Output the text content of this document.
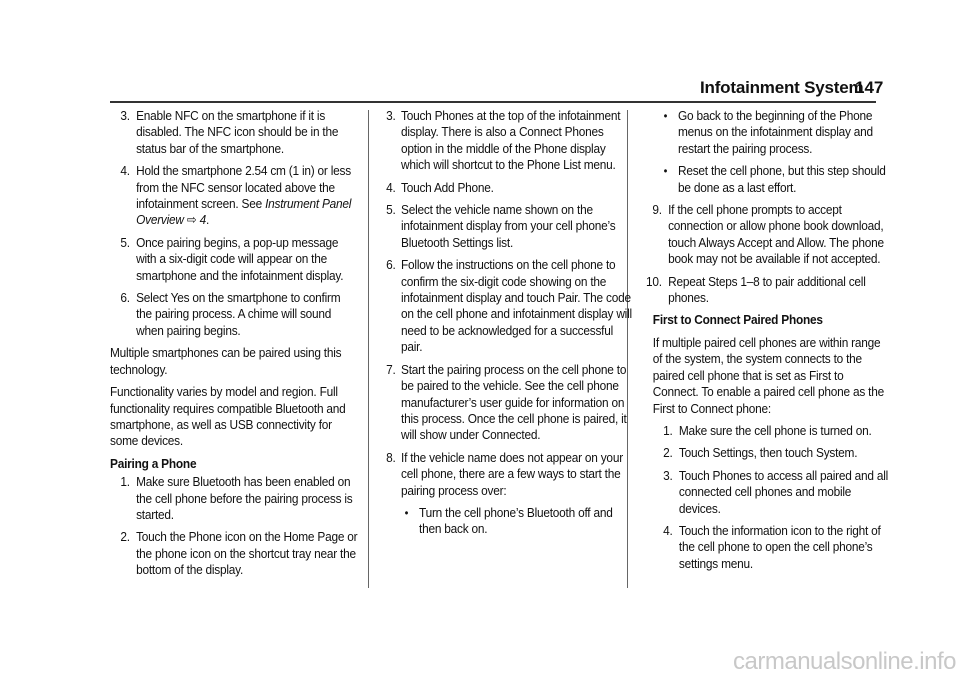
Infotainment System
147
3. Enable NFC on the smartphone if it is disabled. The NFC icon should be in the status bar of the smartphone.
4. Hold the smartphone 2.54 cm (1 in) or less from the NFC sensor located above the infotainment screen. See Instrument Panel Overview ⇨ 4.
5. Once pairing begins, a pop-up message with a six-digit code will appear on the smartphone and the infotainment display.
6. Select Yes on the smartphone to confirm the pairing process. A chime will sound when pairing begins.

Multiple smartphones can be paired using this technology.

Functionality varies by model and region. Full functionality requires compatible Bluetooth and smartphone, as well as USB connectivity for some devices.

Pairing a Phone

1. Make sure Bluetooth has been enabled on the cell phone before the pairing process is started.
2. Touch the Phone icon on the Home Page or the phone icon on the shortcut tray near the bottom of the display.
3. Touch Phones at the top of the infotainment display. There is also a Connect Phones option in the middle of the Phone display which will shortcut to the Phone List menu.
4. Touch Add Phone.
5. Select the vehicle name shown on the infotainment display from your cell phone’s Bluetooth Settings list.
6. Follow the instructions on the cell phone to confirm the six-digit code showing on the infotainment display and touch Pair. The code on the cell phone and infotainment display will need to be acknowledged for a successful pair.
7. Start the pairing process on the cell phone to be paired to the vehicle. See the cell phone manufacturer’s user guide for information on this process. Once the cell phone is paired, it will show under Connected.
8. If the vehicle name does not appear on your cell phone, there are a few ways to start the pairing process over:
• Turn the cell phone’s Bluetooth off and then back on.
• Go back to the beginning of the Phone menus on the infotainment display and restart the pairing process.
• Reset the cell phone, but this step should be done as a last effort.
9. If the cell phone prompts to accept connection or allow phone book download, touch Always Accept and Allow. The phone book may not be available if not accepted.
10. Repeat Steps 1–8 to pair additional cell phones.

First to Connect Paired Phones

If multiple paired cell phones are within range of the system, the system connects to the paired cell phone that is set as First to Connect. To enable a paired cell phone as the First to Connect phone:

1. Make sure the cell phone is turned on.
2. Touch Settings, then touch System.
3. Touch Phones to access all paired and all connected cell phones and mobile devices.
4. Touch the information icon to the right of the cell phone to open the cell phone’s settings menu.
carmanualsonline.info
